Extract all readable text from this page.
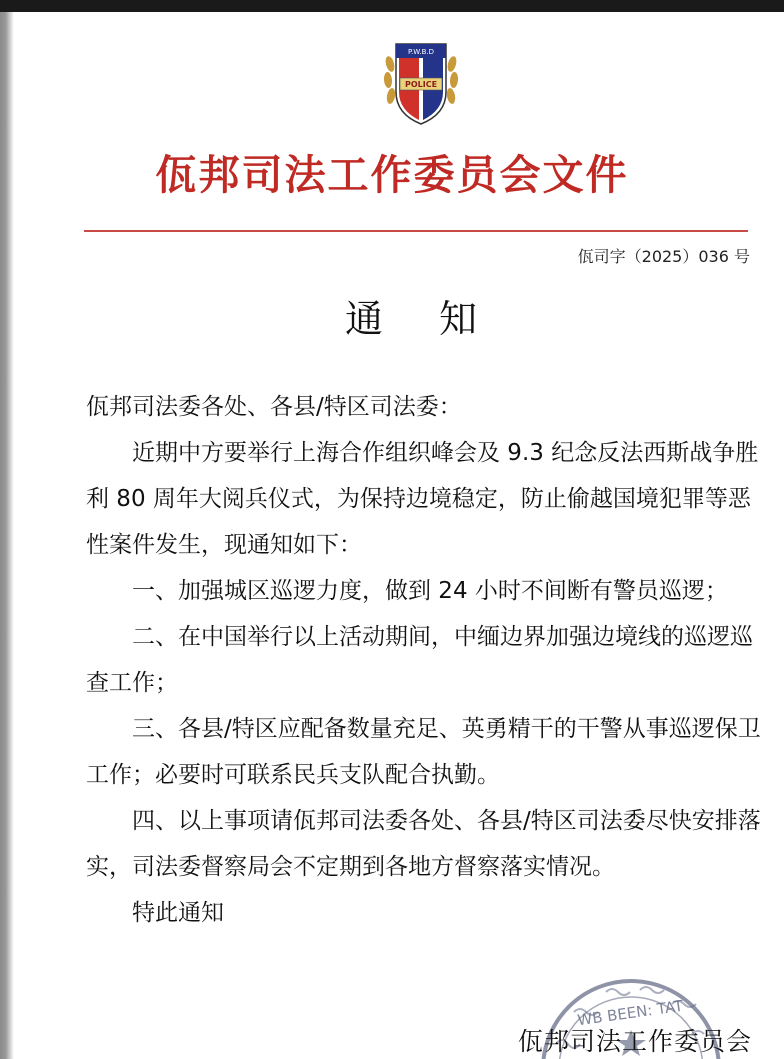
P.W.B.D
POLICE
佤邦司法工作委员会文件
佤司字（2025）036 号
通 知
佤邦司法委各处、各县/特区司法委：
近期中方要举行上海合作组织峰会及 9.3 纪念反法西斯战争胜利 80 周年大阅兵仪式，为保持边境稳定，防止偷越国境犯罪等恶性案件发生，现通知如下：
一、加强城区巡逻力度，做到 24 小时不间断有警员巡逻；
二、在中国举行以上活动期间，中缅边界加强边境线的巡逻巡查工作；
三、各县/特区应配备数量充足、英勇精干的干警从事巡逻保卫工作；必要时可联系民兵支队配合执勤。
四、以上事项请佤邦司法委各处、各县/特区司法委尽快安排落实，司法委督察局会不定期到各地方督察落实情况。
特此通知
WB BEEN: TAT
佤邦司法工作委员会
